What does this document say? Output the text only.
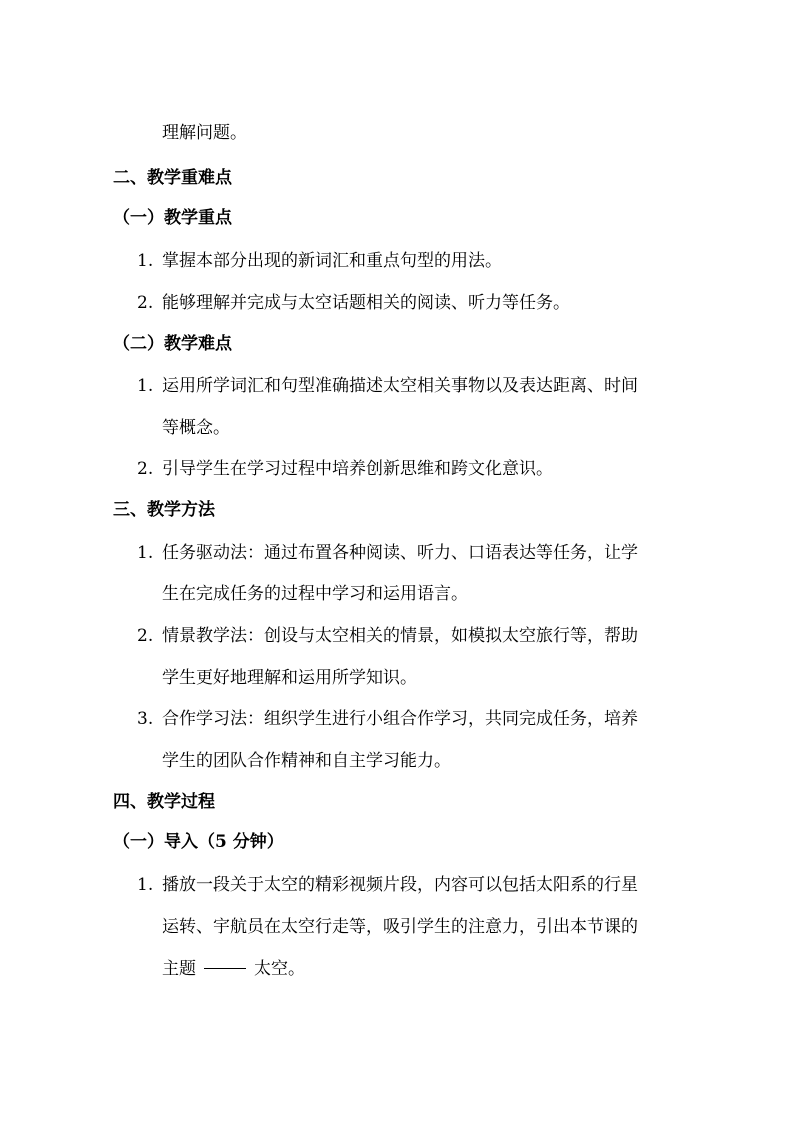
理解问题。
二、教学重难点
（一）教学重点
1. 掌握本部分出现的新词汇和重点句型的用法。
2. 能够理解并完成与太空话题相关的阅读、听力等任务。
（二）教学难点
1. 运用所学词汇和句型准确描述太空相关事物以及表达距离、时间
等概念。
2. 引导学生在学习过程中培养创新思维和跨文化意识。
三、教学方法
1. 任务驱动法：通过布置各种阅读、听力、口语表达等任务，让学
生在完成任务的过程中学习和运用语言。
2. 情景教学法：创设与太空相关的情景，如模拟太空旅行等，帮助
学生更好地理解和运用所学知识。
3. 合作学习法：组织学生进行小组合作学习，共同完成任务，培养
学生的团队合作精神和自主学习能力。
四、教学过程
（一）导入（5 分钟）
1. 播放一段关于太空的精彩视频片段，内容可以包括太阳系的行星
运转、宇航员在太空行走等，吸引学生的注意力，引出本节课的
主题	太空。
